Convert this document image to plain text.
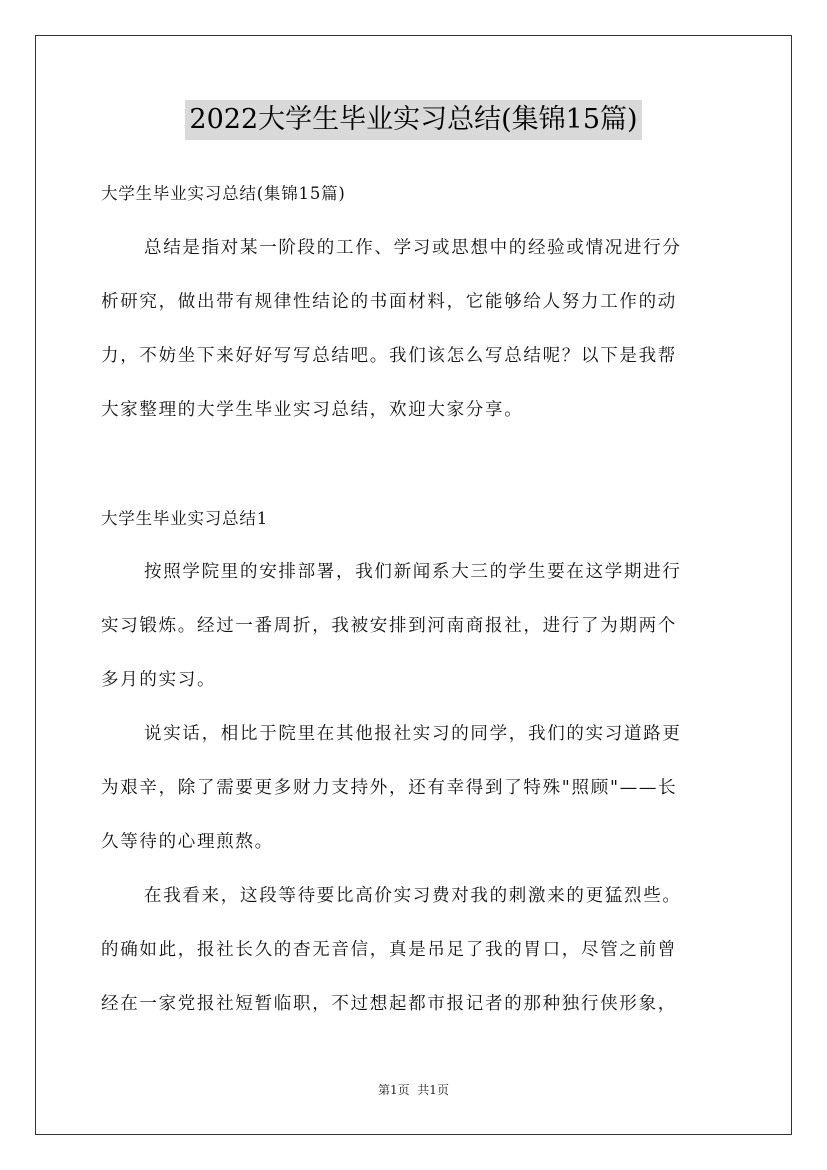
2022大学生毕业实习总结(集锦15篇)
大学生毕业实习总结(集锦15篇)
总结是指对某一阶段的工作、学习或思想中的经验或情况进行分
析研究，做出带有规律性结论的书面材料，它能够给人努力工作的动
力，不妨坐下来好好写写总结吧。我们该怎么写总结呢？以下是我帮
大家整理的大学生毕业实习总结，欢迎大家分享。
大学生毕业实习总结1
按照学院里的安排部署，我们新闻系大三的学生要在这学期进行
实习锻炼。经过一番周折，我被安排到河南商报社，进行了为期两个
多月的实习。
说实话，相比于院里在其他报社实习的同学，我们的实习道路更
为艰辛，除了需要更多财力支持外，还有幸得到了特殊"照顾"——长
久等待的心理煎熬。
在我看来，这段等待要比高价实习费对我的刺激来的更猛烈些。
的确如此，报社长久的杳无音信，真是吊足了我的胃口，尽管之前曾
经在一家党报社短暂临职，不过想起都市报记者的那种独行侠形象，
第1页  共1页
